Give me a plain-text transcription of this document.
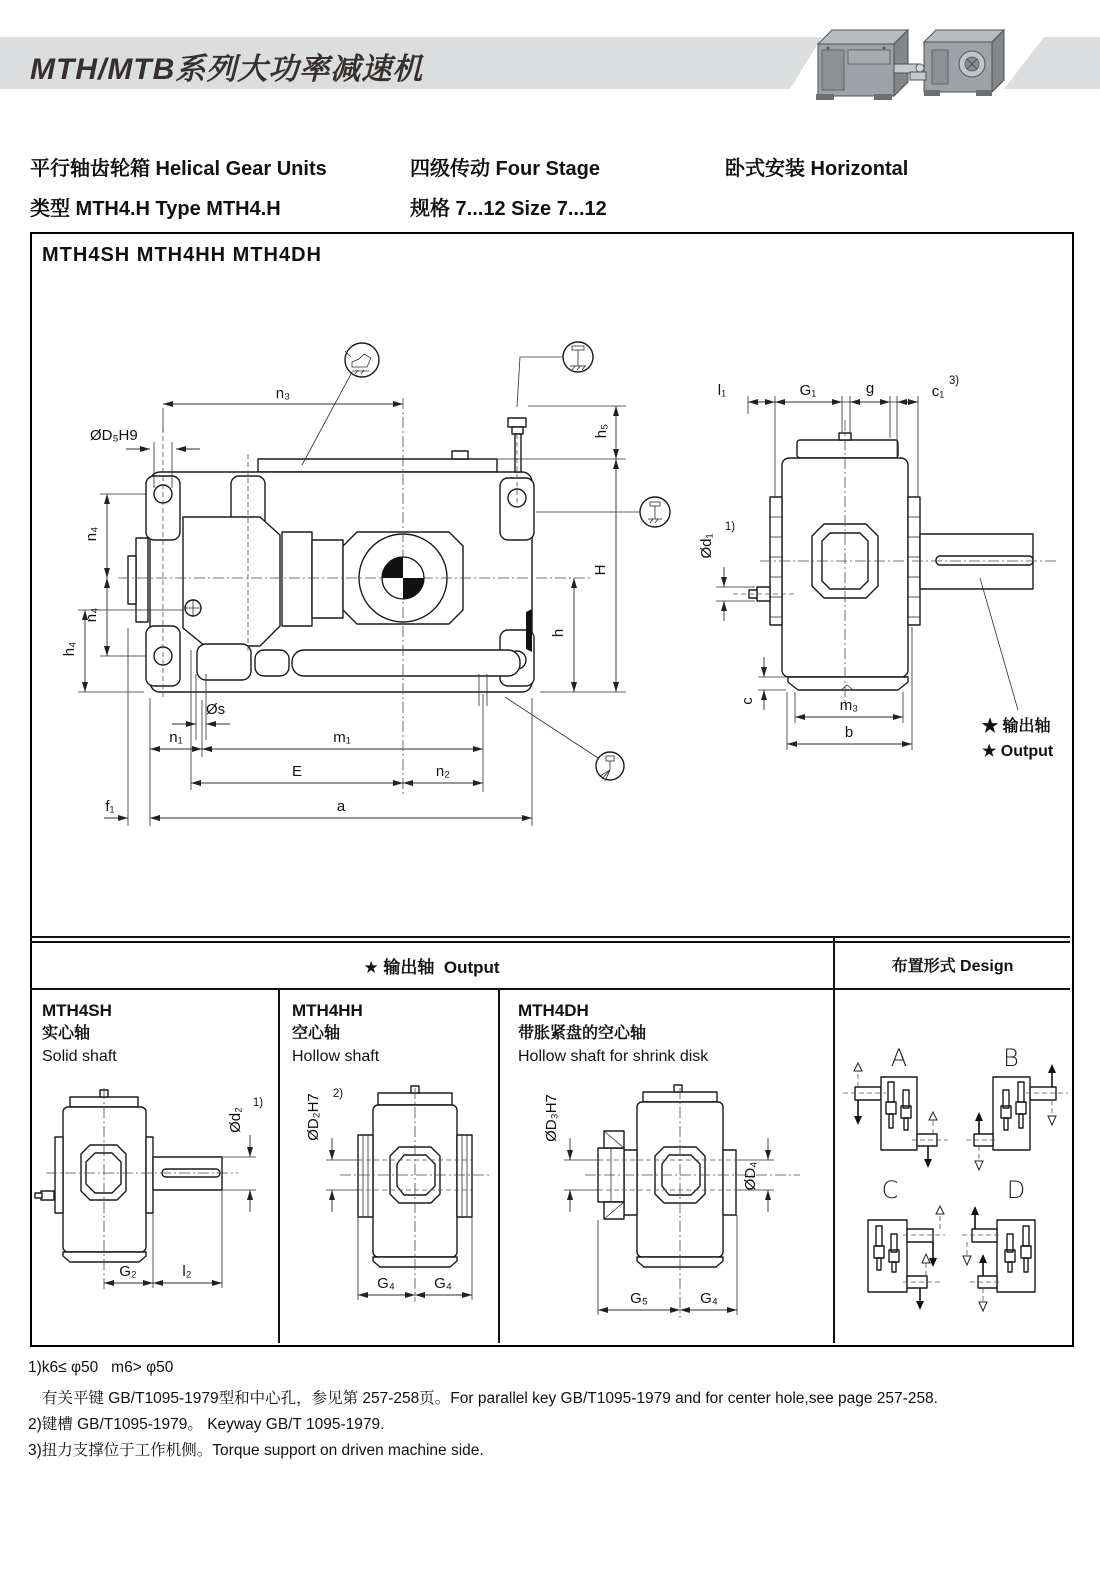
MTH/MTB系列大功率减速机
平行轴齿轮箱 Helical Gear Units	四级传动 Four Stage	卧式安装 Horizontal
类型 MTH4.H Type MTH4.H	规格 7...12 Size 7...12
MTH4SH MTH4HH MTH4DH
n₃
ØD₅H9	h₅
H
h
n₄
n₄
h₄
Øs
n₁	m₁
E	n₂
f₁	a
l₁	G₁	g	c₁
3)
Ød₁
1)
c	m₃
b	★ 输出轴
★ Output
★ 输出轴  Output	布置形式 Design
MTH4SH
实心轴
Solid shaft
MTH4HH
空心轴
Hollow shaft
MTH4DH
带胀紧盘的空心轴
Hollow shaft for shrink disk
Ød₂
1)
G₂	l₂
ØD₂H7 2)
G₄	G₄
ØD₃H7
ØD₄
G₅	G₄
A	B
C	D
1)k6≤ φ50   m6> φ50
有关平键 GB/T1095-1979型和中心孔，参见第 257-258页。For parallel key GB/T1095-1979 and for center hole,see page 257-258.
2)键槽 GB/T1095-1979。 Keyway GB/T 1095-1979.
3)扭力支撑位于工作机侧。Torque support on driven machine side.
